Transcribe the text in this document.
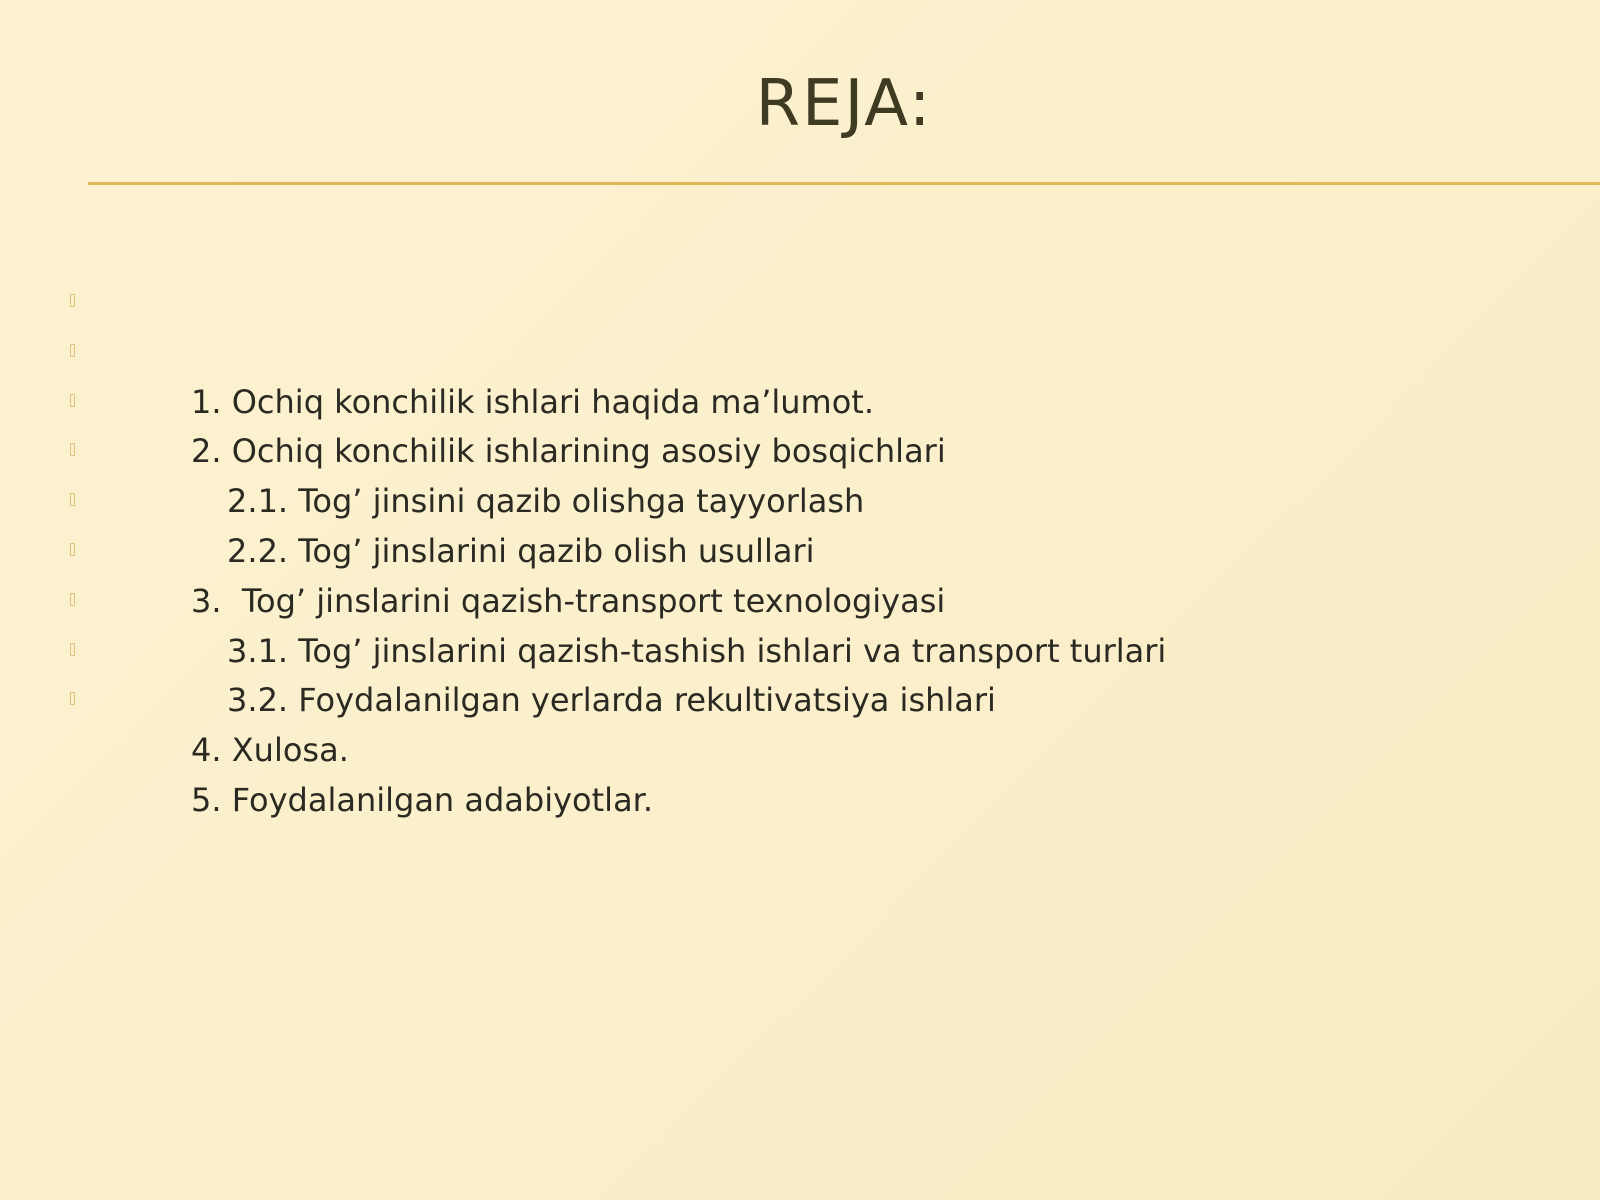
REJA:

1. Ochiq konchilik ishlari haqida ma’lumot.

2. Ochiq konchilik ishlarining asosiy bosqichlari

2.1. Tog’ jinsini qazib olishga tayyorlash

2.2. Tog’ jinslarini qazib olish usullari

3.  Tog’ jinslarini qazish-transport texnologiyasi

3.1. Tog’ jinslarini qazish-tashish ishlari va transport turlari

3.2. Foydalanilgan yerlarda rekultivatsiya ishlari

4. Xulosa.

5. Foydalanilgan adabiyotlar.
